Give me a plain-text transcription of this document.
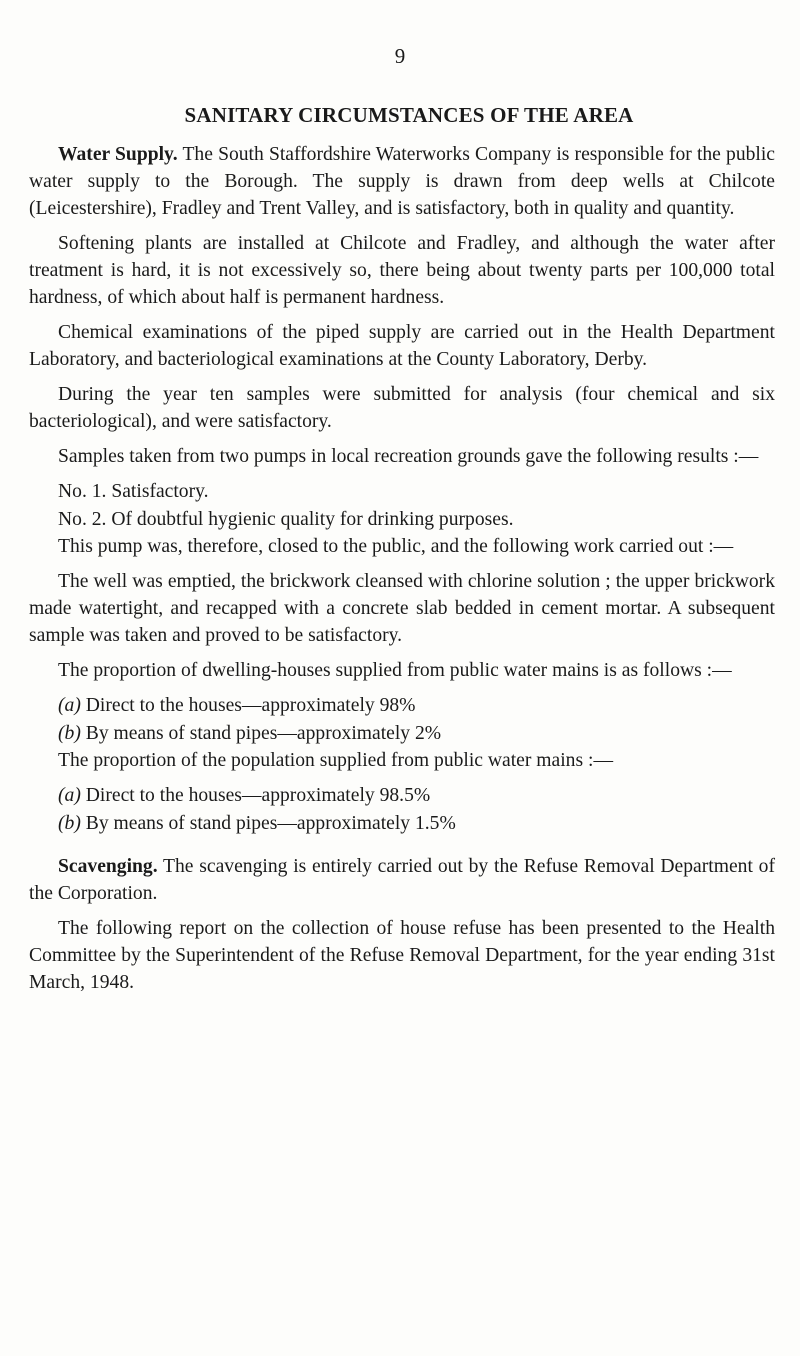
9
SANITARY CIRCUMSTANCES OF THE AREA

Water Supply. The South Staffordshire Waterworks Company is responsible for the public water supply to the Borough. The supply is drawn from deep wells at Chilcote (Leicestershire), Fradley and Trent Valley, and is satisfactory, both in quality and quantity.

Softening plants are installed at Chilcote and Fradley, and although the water after treatment is hard, it is not excessively so, there being about twenty parts per 100,000 total hardness, of which about half is permanent hardness.

Chemical examinations of the piped supply are carried out in the Health Department Laboratory, and bacteriological examinations at the County Laboratory, Derby.

During the year ten samples were submitted for analysis (four chemical and six bacteriological), and were satisfactory.

Samples taken from two pumps in local recreation grounds gave the following results :—

No. 1. Satisfactory.

No. 2. Of doubtful hygienic quality for drinking purposes.

This pump was, therefore, closed to the public, and the following work carried out :—

The well was emptied, the brickwork cleansed with chlorine solution ; the upper brickwork made watertight, and recapped with a concrete slab bedded in cement mortar. A subsequent sample was taken and proved to be satisfactory.

The proportion of dwelling-houses supplied from public water mains is as follows :—

(a) Direct to the houses—approximately 98%

(b) By means of stand pipes—approximately 2%

The proportion of the population supplied from public water mains :—

(a) Direct to the houses—approximately 98.5%

(b) By means of stand pipes—approximately 1.5%

Scavenging. The scavenging is entirely carried out by the Refuse Removal Department of the Corporation.

The following report on the collection of house refuse has been presented to the Health Committee by the Superintendent of the Refuse Removal Department, for the year ending 31st March, 1948.
